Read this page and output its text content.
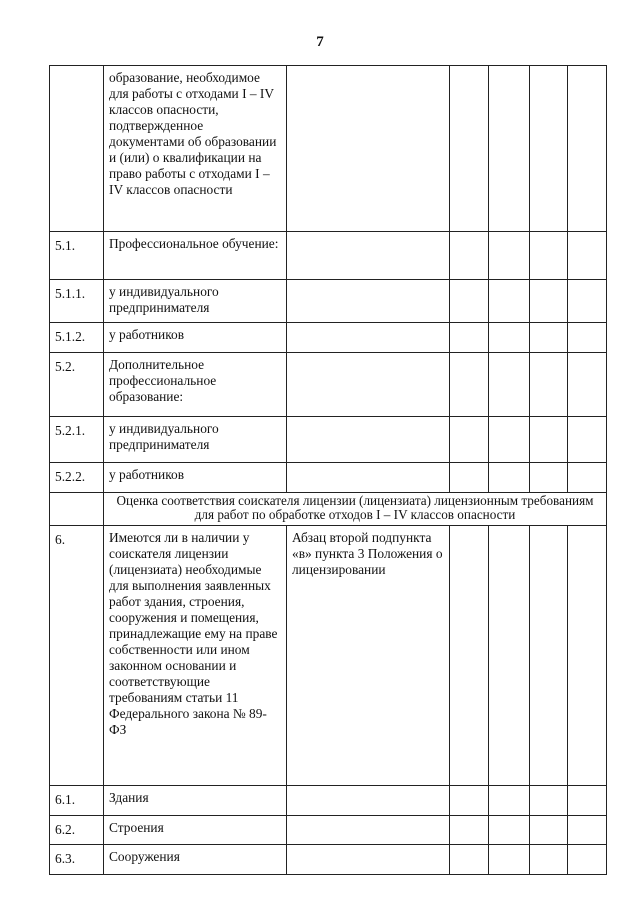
7
	образование, необходимое для работы с отходами I – IV классов опасности, подтвержденное документами об образовании и (или) о квалификации на право работы с отходами I – IV классов опасности					
5.1.	Профессиональное обучение:					
5.1.1.	у индивидуального предпринимателя					
5.1.2.	у работников					
5.2.	Дополнительное профессиональное образование:					
5.2.1.	у индивидуального предпринимателя					
5.2.2.	у работников					
	Оценка соответствия соискателя лицензии (лицензиата) лицензионным требованиям для работ по обработке отходов I – IV классов опасности					
6.	Имеются ли в наличии у соискателя лицензии (лицензиата) необходимые для выполнения заявленных работ здания, строения, сооружения и помещения, принадлежащие ему на праве собственности или ином законном основании и соответствующие требованиям статьи 11 Федерального закона № 89-ФЗ	Абзац второй подпункта «в» пункта 3 Положения о лицензировании				
6.1.	Здания					
6.2.	Строения					
6.3.	Сооружения					
